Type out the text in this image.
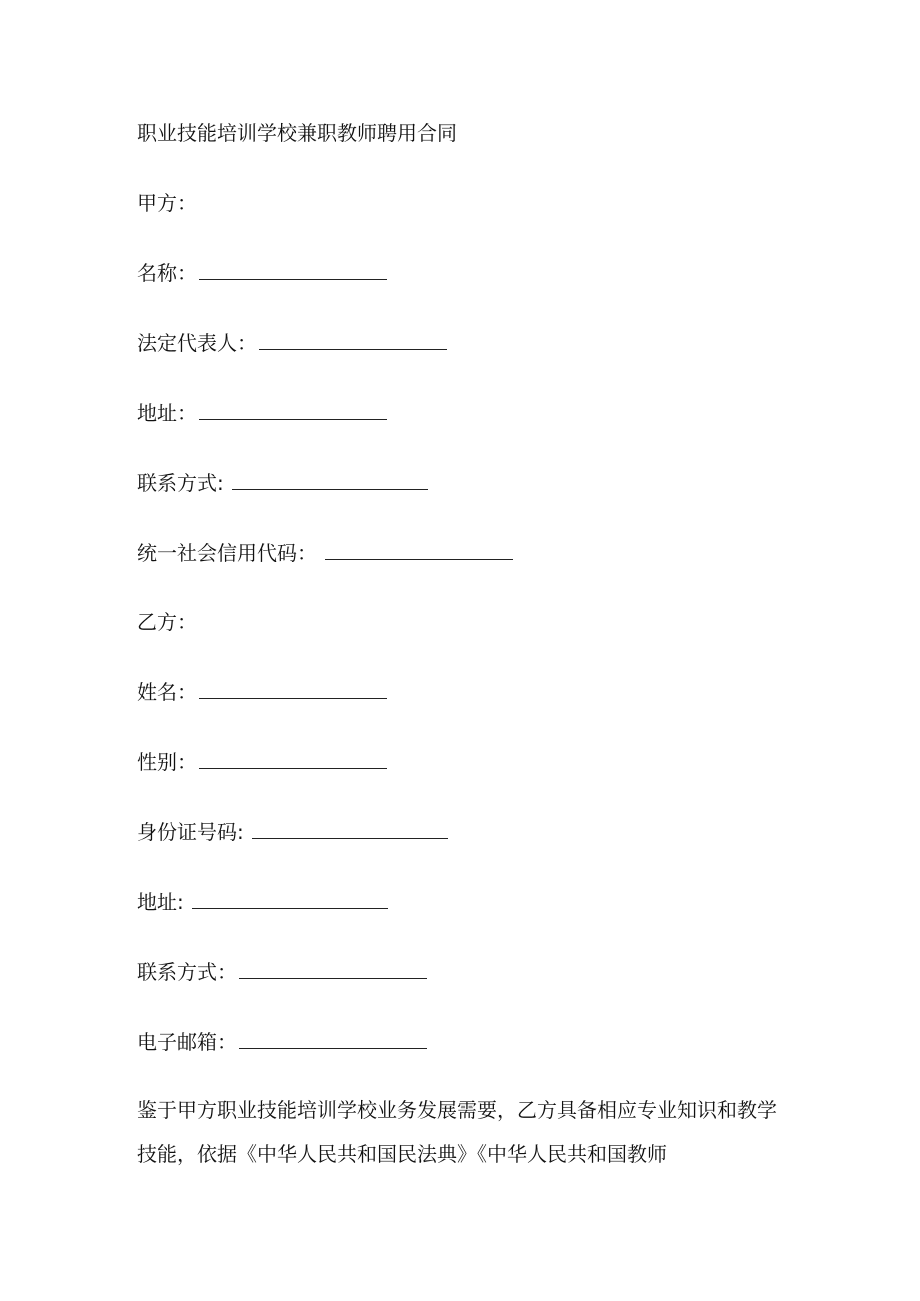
职业技能培训学校兼职教师聘用合同
甲方：
名称：
法定代表人：
地址：
联系方式:
统一社会信用代码：
乙方：
姓名：
性别：
身份证号码:
地址:
联系方式：
电子邮箱：
鉴于甲方职业技能培训学校业务发展需要，乙方具备相应专业知识和教学
技能，依据《中华人民共和国民法典》《中华人民共和国教师
